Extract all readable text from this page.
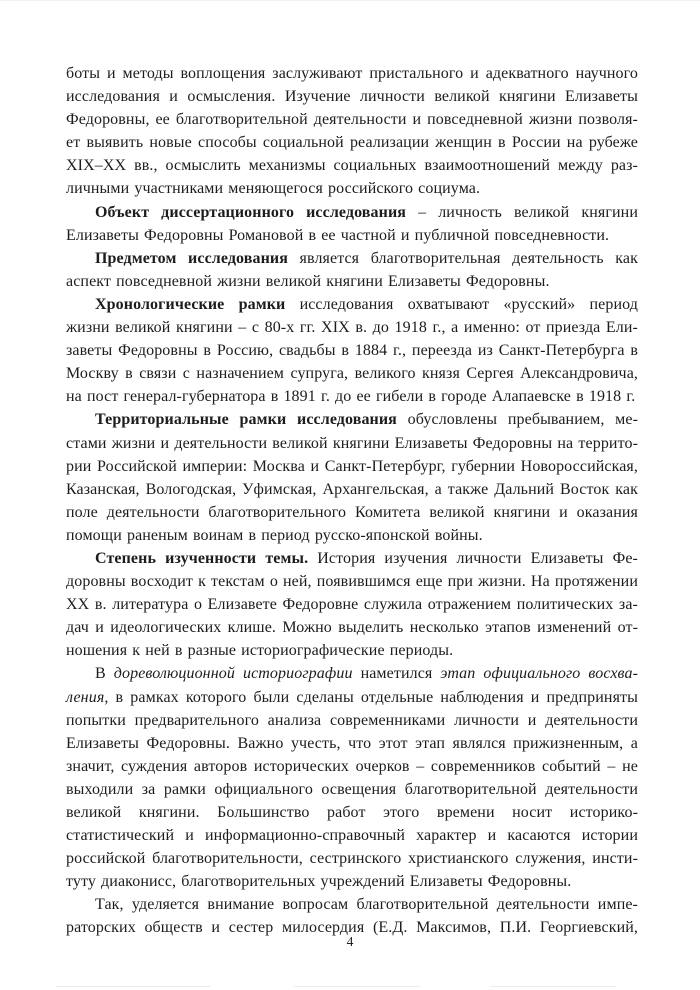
боты и методы воплощения заслуживают пристального и адекватного научного
исследования и осмысления. Изучение личности великой княгини Елизаветы
Федоровны, ее благотворительной деятельности и повседневной жизни позволя-
ет выявить новые способы социальной реализации женщин в России на рубеже
XIX–XX вв., осмыслить механизмы социальных взаимоотношений между раз-
личными участниками меняющегося российского социума.
Объект диссертационного исследования – личность великой княгини
Елизаветы Федоровны Романовой в ее частной и публичной повседневности.
Предметом исследования является благотворительная деятельность как
аспект повседневной жизни великой княгини Елизаветы Федоровны.
Хронологические рамки исследования охватывают «русский» период
жизни великой княгини – с 80-х гг. XIX в. до 1918 г., а именно: от приезда Ели-
заветы Федоровны в Россию, свадьбы в 1884 г., переезда из Санкт-Петербурга в
Москву в связи с назначением супруга, великого князя Сергея Александровича,
на пост генерал-губернатора в 1891 г. до ее гибели в городе Алапаевске в 1918 г.
Территориальные рамки исследования обусловлены пребыванием, ме-
стами жизни и деятельности великой княгини Елизаветы Федоровны на террито-
рии Российской империи: Москва и Санкт-Петербург, губернии Новороссийская,
Казанская, Вологодская, Уфимская, Архангельская, а также Дальний Восток как
поле деятельности благотворительного Комитета великой княгини и оказания
помощи раненым воинам в период русско-японской войны.
Степень изученности темы. История изучения личности Елизаветы Фе-
доровны восходит к текстам о ней, появившимся еще при жизни. На протяжении
XX в. литература о Елизавете Федоровне служила отражением политических за-
дач и идеологических клише. Можно выделить несколько этапов изменений от-
ношения к ней в разные историографические периоды.
В дореволюционной историографии наметился этап официального восхва-
ления, в рамках которого были сделаны отдельные наблюдения и предприняты
попытки предварительного анализа современниками личности и деятельности
Елизаветы Федоровны. Важно учесть, что этот этап являлся прижизненным, а
значит, суждения авторов исторических очерков – современников событий – не
выходили за рамки официального освещения благотворительной деятельности
великой княгини. Большинство работ этого времени носит историко-
статистический и информационно-справочный характер и касаются истории
российской благотворительности, сестринского христианского служения, инсти-
туту диаконисс, благотворительных учреждений Елизаветы Федоровны.
Так, уделяется внимание вопросам благотворительной деятельности импе-
раторских обществ и сестер милосердия (Е.Д. Максимов, П.И. Георгиевский,
4
